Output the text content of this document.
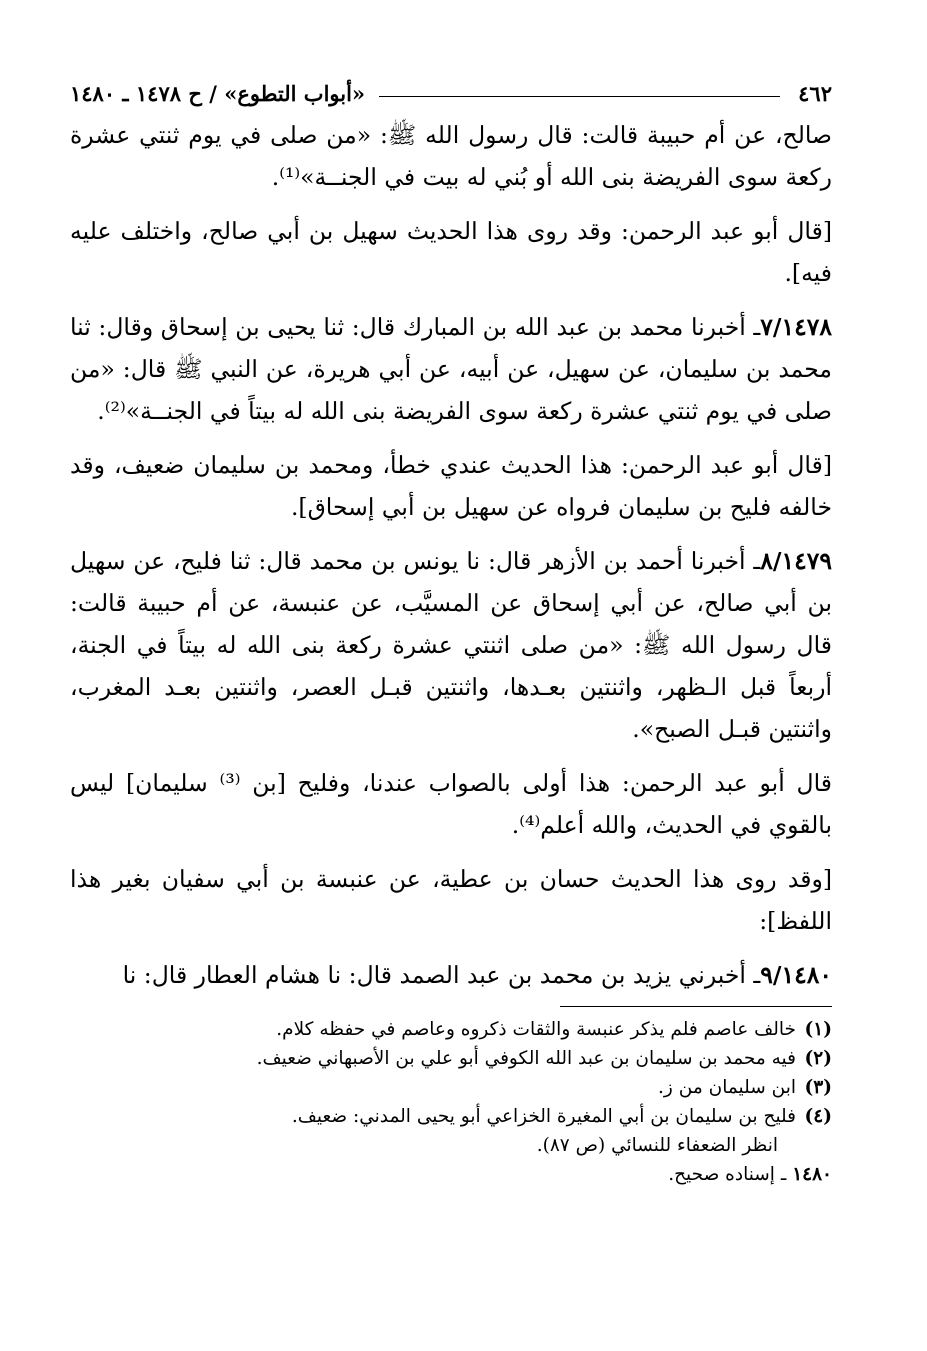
٤٦٢
«أبواب التطوع» / ح ١٤٧٨ ـ ١٤٨٠

صالح، عن أم حبيبة قالت: قال رسول الله ﷺ: «من صلى في يوم ثنتي عشرة ركعة سوى الفريضة بنى الله أو بُني له بيت في الجنــة»⁽¹⁾.

[قال أبو عبد الرحمن: وقد روى هذا الحديث سهيل بن أبي صالح، واختلف عليه فيه].

٧/١٤٧٨ـ أخبرنا محمد بن عبد الله بن المبارك قال: ثنا يحيى بن إسحاق وقال: ثنا محمد بن سليمان، عن سهيل، عن أبيه، عن أبي هريرة، عن النبي ﷺ قال: «من صلى في يوم ثنتي عشرة ركعة سوى الفريضة بنى الله له بيتاً في الجنــة»⁽²⁾.

[قال أبو عبد الرحمن: هذا الحديث عندي خطأ، ومحمد بن سليمان ضعيف، وقد خالفه فليح بن سليمان فرواه عن سهيل بن أبي إسحاق].

٨/١٤٧٩ـ أخبرنا أحمد بن الأزهر قال: نا يونس بن محمد قال: ثنا فليح، عن سهيل بن أبي صالح، عن أبي إسحاق عن المسيَّب، عن عنبسة، عن أم حبيبة قالت: قال رسول الله ﷺ: «من صلى اثنتي عشرة ركعة بنى الله له بيتاً في الجنة، أربعاً قبل الـظهر، واثنتين بعـدها، واثنتين قبـل العصر، واثنتين بعـد المغرب، واثنتين قبـل الصبح».

قال أبو عبد الرحمن: هذا أولى بالصواب عندنا، وفليح [بن ⁽³⁾ سليمان] ليس بالقوي في الحديث، والله أعلم⁽⁴⁾.

[وقد روى هذا الحديث حسان بن عطية، عن عنبسة بن أبي سفيان بغير هذا اللفظ]:

٩/١٤٨٠ـ أخبرني يزيد بن محمد بن عبد الصمد قال: نا هشام العطار قال: نا

(١)
خالف عاصم فلم يذكر عنبسة والثقات ذكروه وعاصم في حفظه كلام.
(٢)
فيه محمد بن سليمان بن عبد الله الكوفي أبو علي بن الأصبهاني ضعيف.
(٣)
ابن سليمان من ز.
(٤)
فليح بن سليمان بن أبي المغيرة الخزاعي أبو يحيى المدني: ضعيف.
انظر الضعفاء للنسائي (ص ٨٧).
١٤٨٠
ـ إسناده صحيح.
